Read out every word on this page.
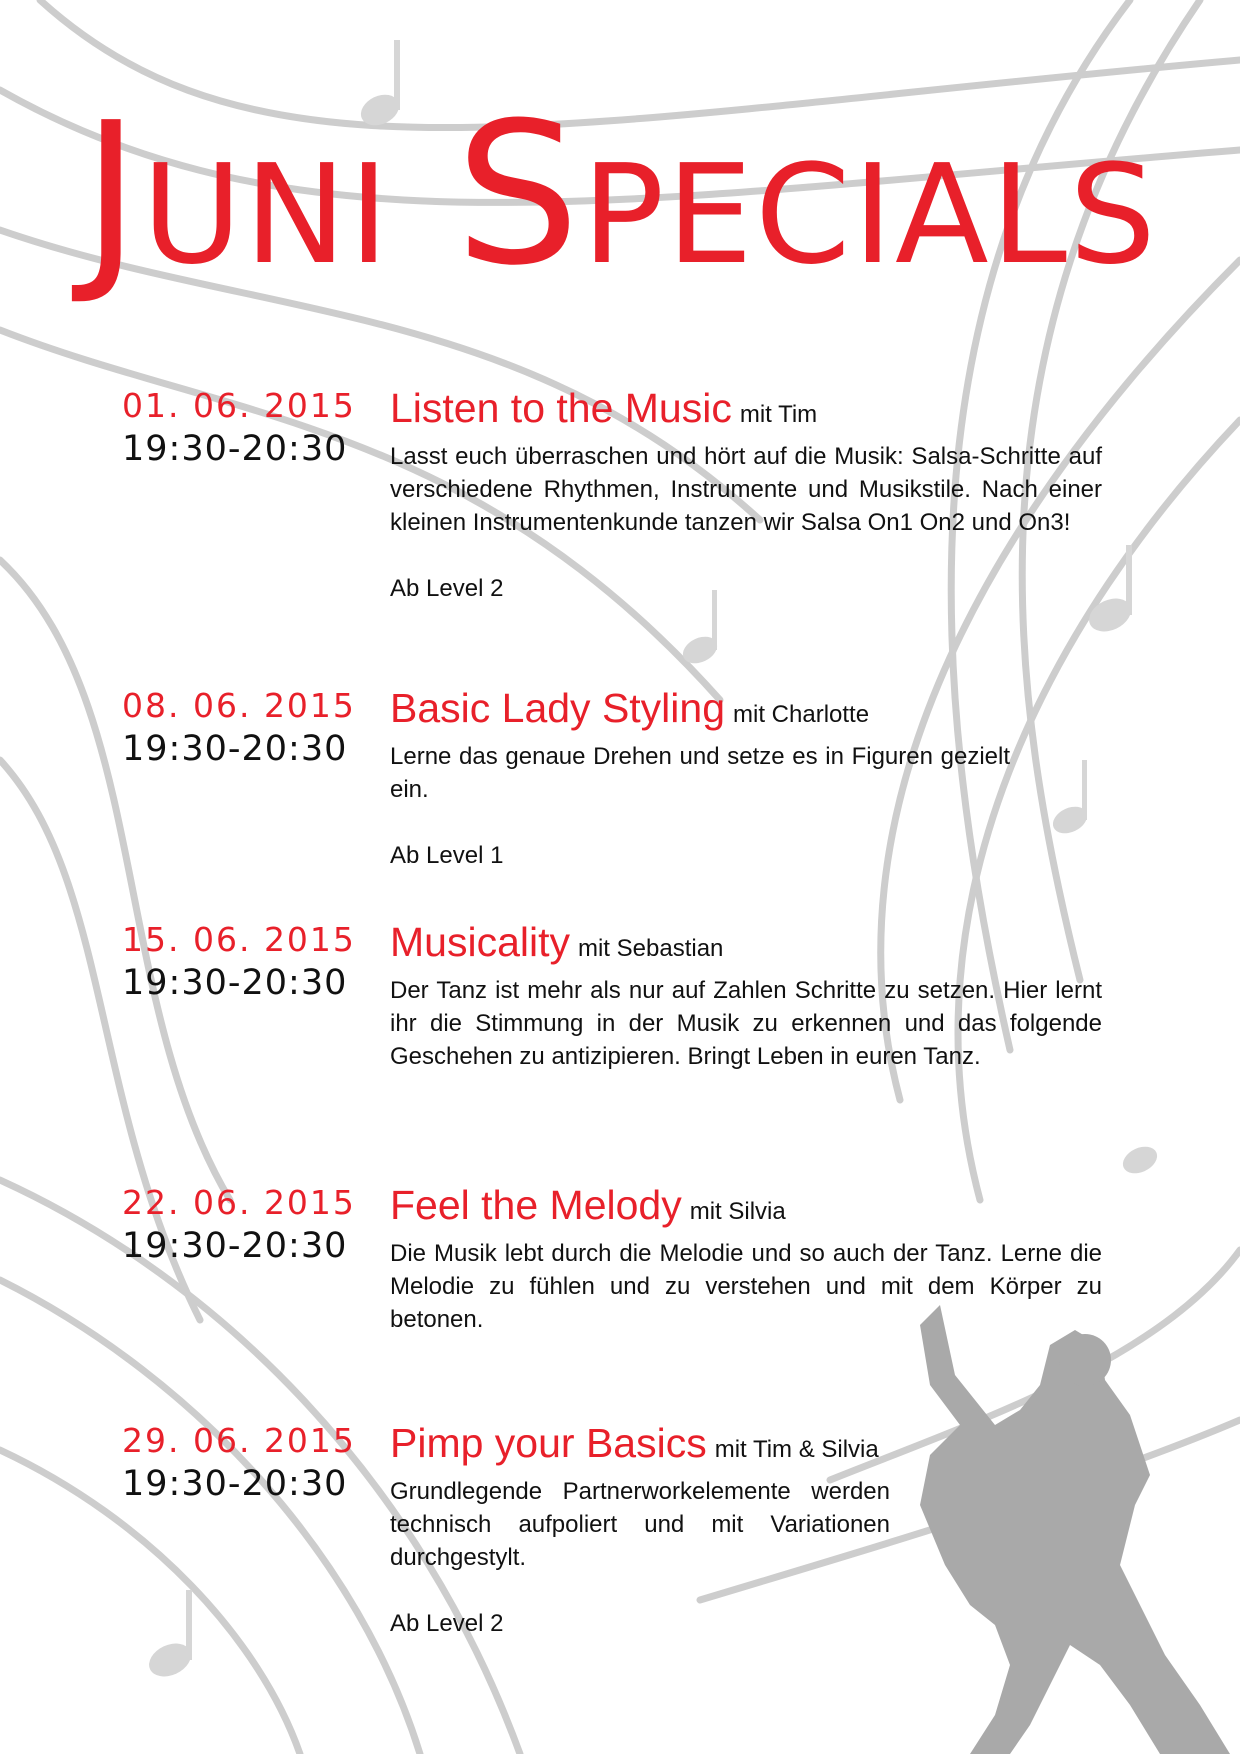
Juni Specials
01. 06. 2015
19:30-20:30
Listen to the Music mit Tim
Lasst euch überraschen und hört auf die Musik: Salsa-Schritte auf verschiedene Rhythmen, Instrumente und Musikstile. Nach einer kleinen Instrumentenkunde tanzen wir Salsa On1 On2 und On3!
Ab Level 2
08. 06. 2015
19:30-20:30
Basic Lady Styling mit Charlotte
Lerne das genaue Drehen und setze es in Figuren gezielt ein.
Ab Level 1
15. 06. 2015
19:30-20:30
Musicality mit Sebastian
Der Tanz ist mehr als nur auf Zahlen Schritte zu setzen. Hier lernt ihr die Stimmung in der Musik zu erkennen und das folgende Geschehen zu antizipieren. Bringt Leben in euren Tanz.
22. 06. 2015
19:30-20:30
Feel the Melody mit Silvia
Die Musik lebt durch die Melodie und so auch der Tanz. Lerne die Melodie zu fühlen und zu verstehen und mit dem Körper zu betonen.
29. 06. 2015
19:30-20:30
Pimp your Basics mit Tim & Silvia
Grundlegende Partnerworkelemente werden technisch aufpoliert und mit Variationen durchgestylt.
Ab Level 2
